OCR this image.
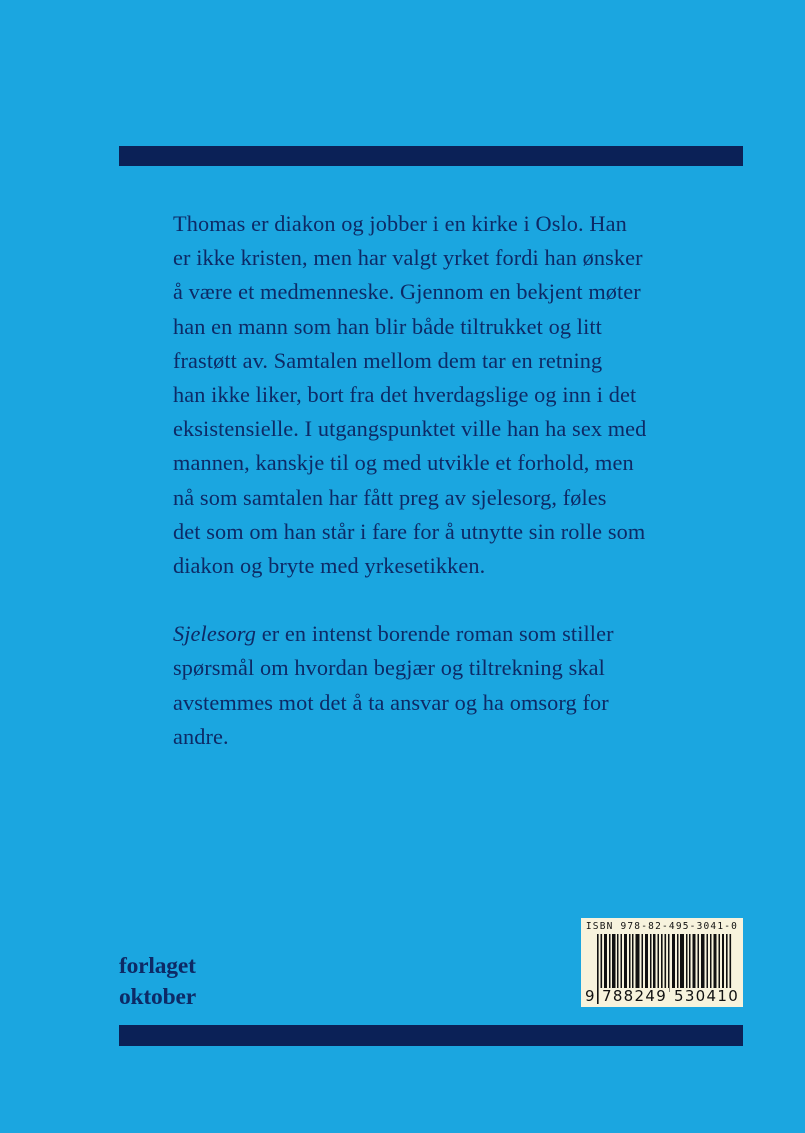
Thomas er diakon og jobber i en kirke i Oslo. Han
er ikke kristen, men har valgt yrket fordi han ønsker
å være et medmenneske. Gjennom en bekjent møter
han en mann som han blir både tiltrukket og litt
frastøtt av. Samtalen mellom dem tar en retning
han ikke liker, bort fra det hverdagslige og inn i det
eksistensielle. I utgangspunktet ville han ha sex med
mannen, kanskje til og med utvikle et forhold, men
nå som samtalen har fått preg av sjelesorg, føles
det som om han står i fare for å utnytte sin rolle som
diakon og bryte med yrkesetikken.

Sjelesorg er en intenst borende roman som stiller
spørsmål om hvordan begjær og tiltrekning skal
avstemmes mot det å ta ansvar og ha omsorg for
andre.

forlaget
oktober
ISBN 978-82-495-3041-0
9 788249 530410
